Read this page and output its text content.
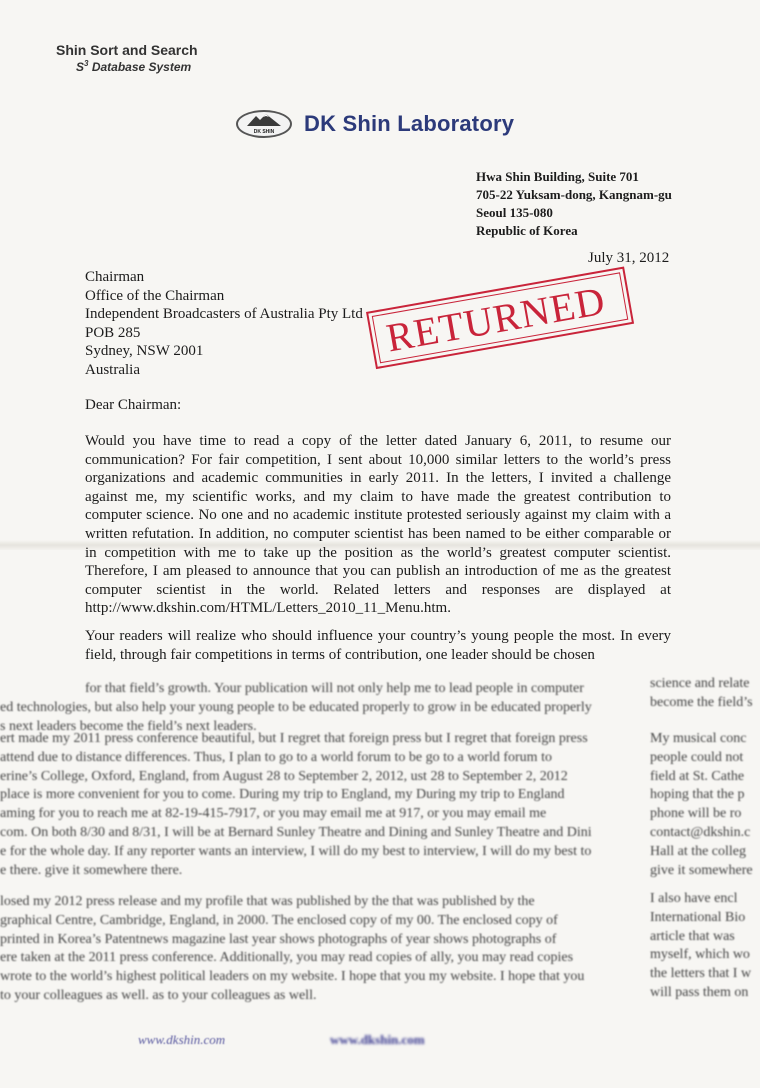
Shin Sort and Search
$S^3$ Database System
DK SHIN	DK Shin Laboratory
Hwa Shin Building, Suite 701
705-22 Yuksam-dong, Kangnam-gu
Seoul 135-080
Republic of Korea
July 31, 2012
Chairman
Office of the Chairman
Independent Broadcasters of Australia Pty Ltd
POB 285
Sydney, NSW 2001
Australia
RETURNED
Dear Chairman:
Would you have time to read a copy of the letter dated January 6, 2011, to resume our communication? For fair competition, I sent about 10,000 similar letters to the world’s press organizations and academic communities in early 2011. In the letters, I invited a challenge against me, my scientific works, and my claim to have made the greatest contribution to computer science. No one and no academic institute protested seriously against my claim with a written refutation. In addition, no computer scientist has been named to be either comparable or in competition with me to take up the position as the world’s greatest computer scientist. Therefore, I am pleased to announce that you can publish an introduction of me as the greatest computer scientist in the world. Related letters and responses are displayed at http://www.dkshin.com/HTML/Letters_2010_11_Menu.htm.
Your readers will realize who should influence your country’s young people the most. In every field, through fair competitions in terms of contribution, one leader should be chosen
for that field’s growth. Your publication will not only help me to lead people in computer
ed technologies, but also help your young people to be educated properly to grow in be educated properly
s next leaders become the field’s next leaders.
ert made my 2011 press conference beautiful, but I regret that foreign press but I regret that foreign press
attend due to distance differences. Thus, I plan to go to a world forum to be go to a world forum to
erine’s College, Oxford, England, from August 28 to September 2, 2012, ust 28 to September 2, 2012
place is more convenient for you to come. During my trip to England, my During my trip to England
aming for you to reach me at 82-19-415-7917, or you may email me at 917, or you may email me
com. On both 8/30 and 8/31, I will be at Bernard Sunley Theatre and Dining and Sunley Theatre and Dini
e for the whole day. If any reporter wants an interview, I will do my best to interview, I will do my best to
e there. give it somewhere there.
losed my 2012 press release and my profile that was published by the that was published by the
graphical Centre, Cambridge, England, in 2000. The enclosed copy of my 00. The enclosed copy of
printed in Korea’s Patentnews magazine last year shows photographs of year shows photographs of
ere taken at the 2011 press conference. Additionally, you may read copies of ally, you may read copies
wrote to the world’s highest political leaders on my website. I hope that you my website. I hope that you
to your colleagues as well. as to your colleagues as well.
science and relate
become the field’s
My musical conc
people could not
field at St. Cathe
hoping that the p
phone will be ro
contact@dkshin.c
Hall at the colleg
give it somewhere
I also have encl
International Bio
article that was
myself, which wo
the letters that I w
will pass them on
www.dkshin.com	www.dkshin.com
